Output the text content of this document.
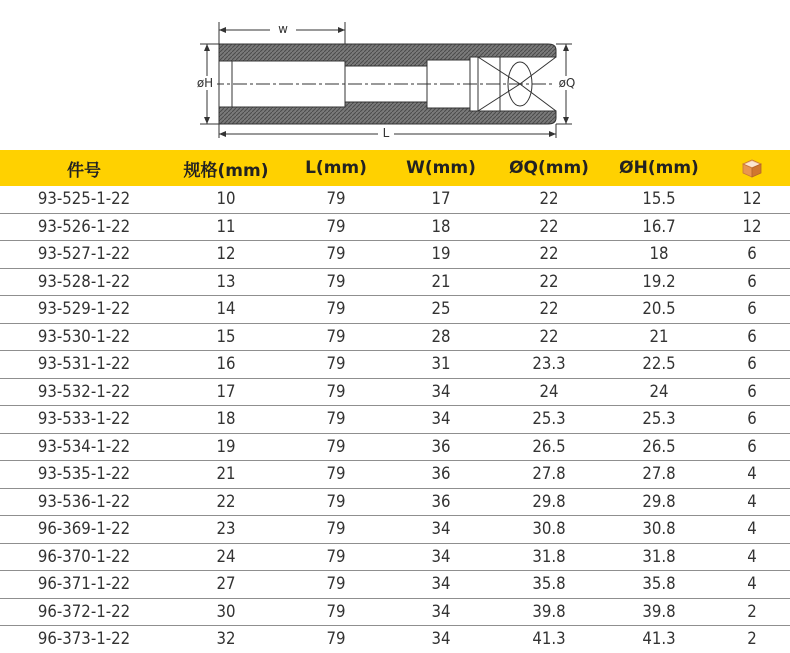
w
øH	øQ
L
件号	规格(mm)	L(mm)	W(mm)	ØQ(mm)	ØH(mm)	
93-525-1-22	10	79	17	22	15.5	12
93-526-1-22	11	79	18	22	16.7	12
93-527-1-22	12	79	19	22	18	6
93-528-1-22	13	79	21	22	19.2	6
93-529-1-22	14	79	25	22	20.5	6
93-530-1-22	15	79	28	22	21	6
93-531-1-22	16	79	31	23.3	22.5	6
93-532-1-22	17	79	34	24	24	6
93-533-1-22	18	79	34	25.3	25.3	6
93-534-1-22	19	79	36	26.5	26.5	6
93-535-1-22	21	79	36	27.8	27.8	4
93-536-1-22	22	79	36	29.8	29.8	4
96-369-1-22	23	79	34	30.8	30.8	4
96-370-1-22	24	79	34	31.8	31.8	4
96-371-1-22	27	79	34	35.8	35.8	4
96-372-1-22	30	79	34	39.8	39.8	2
96-373-1-22	32	79	34	41.3	41.3	2
